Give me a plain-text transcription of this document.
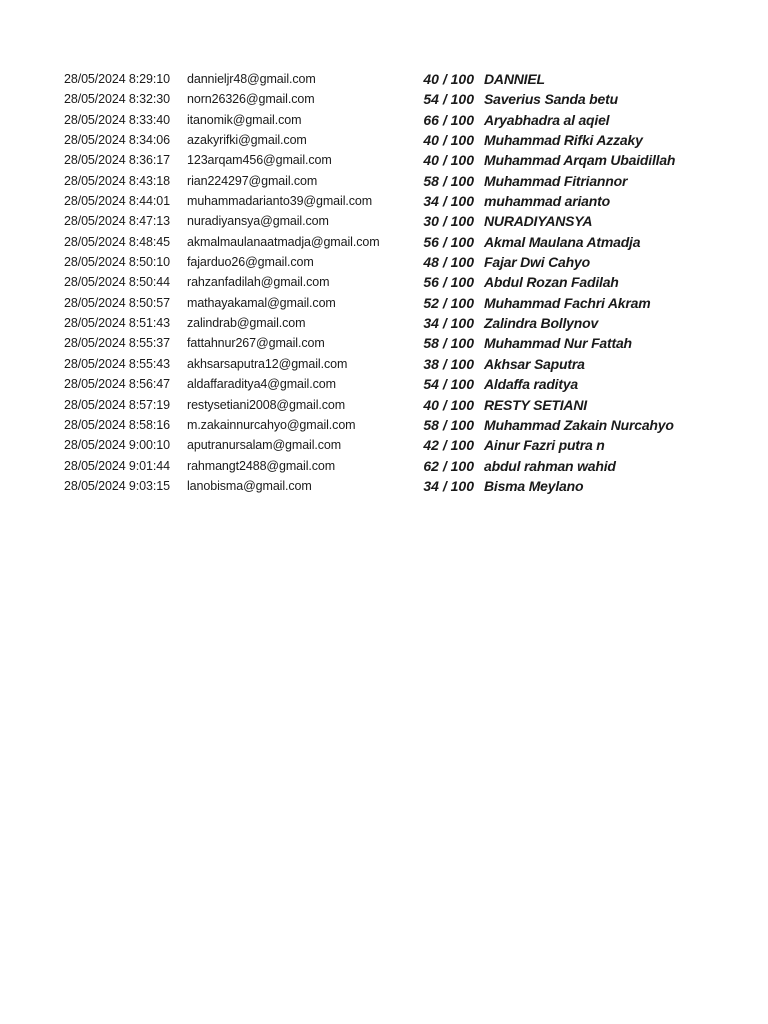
28/05/2024 8:29:10 dannieljr48@gmail.com	40 / 100 DANNIEL
28/05/2024 8:32:30 norn26326@gmail.com	54 / 100 Saverius Sanda betu
28/05/2024 8:33:40 itanomik@gmail.com	66 / 100 Aryabhadra al aqiel
28/05/2024 8:34:06 azakyrifki@gmail.com	40 / 100 Muhammad Rifki Azzaky
28/05/2024 8:36:17 123arqam456@gmail.com	40 / 100 Muhammad Arqam Ubaidillah
28/05/2024 8:43:18 rian224297@gmail.com	58 / 100 Muhammad Fitriannor
28/05/2024 8:44:01 muhammadarianto39@gmail.com	34 / 100 muhammad arianto
28/05/2024 8:47:13 nuradiyansya@gmail.com	30 / 100 NURADIYANSYA
28/05/2024 8:48:45 akmalmaulanaatmadja@gmail.com	56 / 100 Akmal Maulana Atmadja
28/05/2024 8:50:10 fajarduo26@gmail.com	48 / 100 Fajar Dwi Cahyo
28/05/2024 8:50:44 rahzanfadilah@gmail.com	56 / 100 Abdul Rozan Fadilah
28/05/2024 8:50:57 mathayakamal@gmail.com	52 / 100 Muhammad Fachri Akram
28/05/2024 8:51:43 zalindrab@gmail.com	34 / 100 Zalindra Bollynov
28/05/2024 8:55:37 fattahnur267@gmail.com	58 / 100 Muhammad Nur Fattah
28/05/2024 8:55:43 akhsarsaputra12@gmail.com	38 / 100 Akhsar Saputra
28/05/2024 8:56:47 aldaffaraditya4@gmail.com	54 / 100 Aldaffa raditya
28/05/2024 8:57:19 restysetiani2008@gmail.com	40 / 100 RESTY SETIANI
28/05/2024 8:58:16 m.zakainnurcahyo@gmail.com	58 / 100 Muhammad Zakain Nurcahyo
28/05/2024 9:00:10 aputranursalam@gmail.com	42 / 100 Ainur Fazri putra n
28/05/2024 9:01:44 rahmangt2488@gmail.com	62 / 100 abdul rahman wahid
28/05/2024 9:03:15 lanobisma@gmail.com	34 / 100 Bisma Meylano
